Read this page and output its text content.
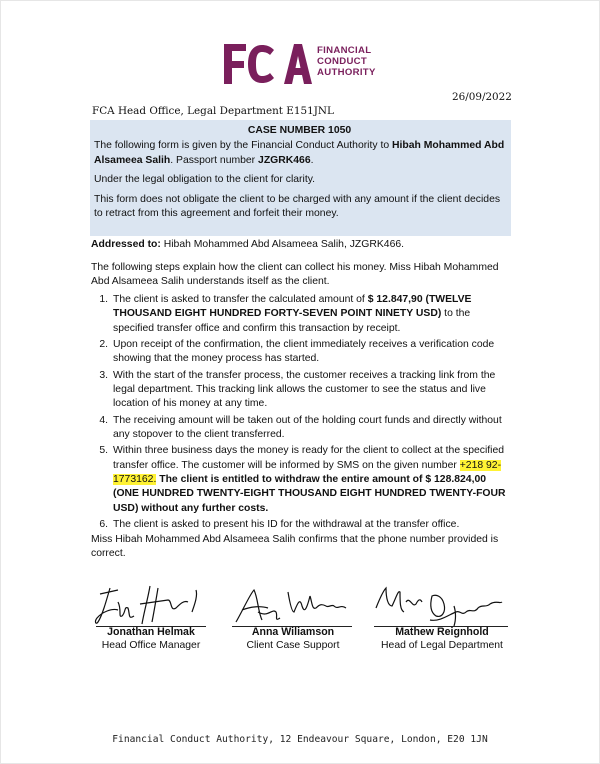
FINANCIAL
CONDUCT
AUTHORITY
26/09/2022
FCA Head Office, Legal Department E151JNL
CASE NUMBER 1050

The following form is given by the Financial Conduct Authority to Hibah Mohammed Abd Alsameea Salih. Passport number JZGRK466.

Under the legal obligation to the client for clarity.

This form does not obligate the client to be charged with any amount if the client decides to retract from this agreement and forfeit their money.

Addressed to: Hibah Mohammed Abd Alsameea Salih, JZGRK466.
The following steps explain how the client can collect his money. Miss Hibah Mohammed Abd Alsameea Salih understands itself as the client.
1. The client is asked to transfer the calculated amount of $ 12.847,90 (TWELVE THOUSAND EIGHT HUNDRED FORTY-SEVEN POINT NINETY USD) to the specified transfer office and confirm this transaction by receipt.
2. Upon receipt of the confirmation, the client immediately receives a verification code showing that the money process has started.
3. With the start of the transfer process, the customer receives a tracking link from the legal department. This tracking link allows the customer to see the status and live location of his money at any time.
4. The receiving amount will be taken out of the holding court funds and directly without any stopover to the client transferred.
5. Within three business days the money is ready for the client to collect at the specified transfer office. The customer will be informed by SMS on the given number +218 92-1773162. The client is entitled to withdraw the entire amount of $ 128.824,00 (ONE HUNDRED TWENTY-EIGHT THOUSAND EIGHT HUNDRED TWENTY-FOUR USD) without any further costs.
6. The client is asked to present his ID for the withdrawal at the transfer office.
Miss Hibah Mohammed Abd Alsameea Salih confirms that the phone number provided is correct.
Jonathan Helmak
Head Office Manager
Anna Wiliamson
Client Case Support
Mathew Reignhold
Head of Legal Department
Financial Conduct Authority, 12 Endeavour Square, London, E20 1JN
